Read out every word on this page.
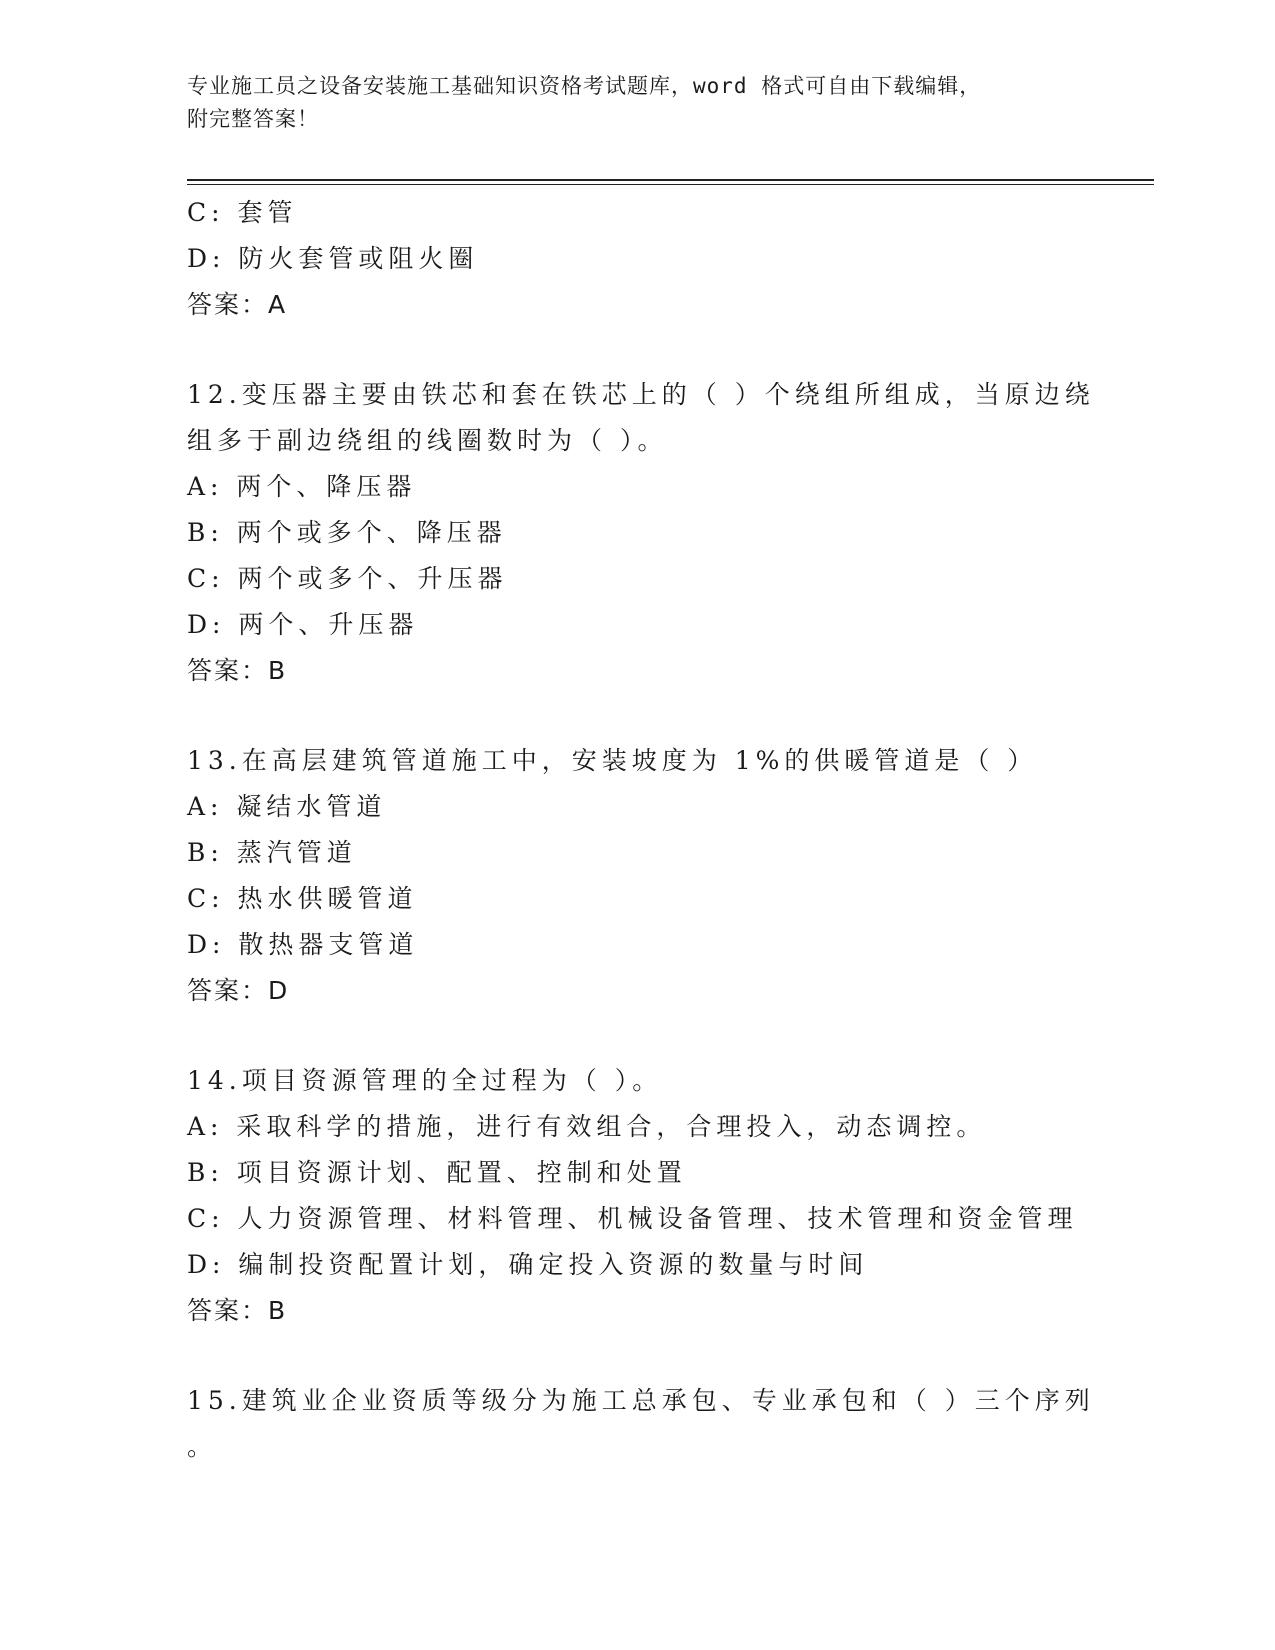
专业施工员之设备安装施工基础知识资格考试题库，word 格式可自由下载编辑，
附完整答案！
C: 套管
D: 防火套管或阻火圈
答案：A
12.变压器主要由铁芯和套在铁芯上的（ ）个绕组所组成，当原边绕
组多于副边绕组的线圈数时为（ ）。
A: 两个、降压器
B: 两个或多个、降压器
C: 两个或多个、升压器
D: 两个、升压器
答案：B
13.在高层建筑管道施工中，安装坡度为 1%的供暖管道是（ ）
A: 凝结水管道
B: 蒸汽管道
C: 热水供暖管道
D: 散热器支管道
答案：D
14.项目资源管理的全过程为（ ）。
A: 采取科学的措施，进行有效组合，合理投入，动态调控。
B: 项目资源计划、配置、控制和处置
C: 人力资源管理、材料管理、机械设备管理、技术管理和资金管理
D: 编制投资配置计划，确定投入资源的数量与时间
答案：B
15.建筑业企业资质等级分为施工总承包、专业承包和（ ）三个序列
。
